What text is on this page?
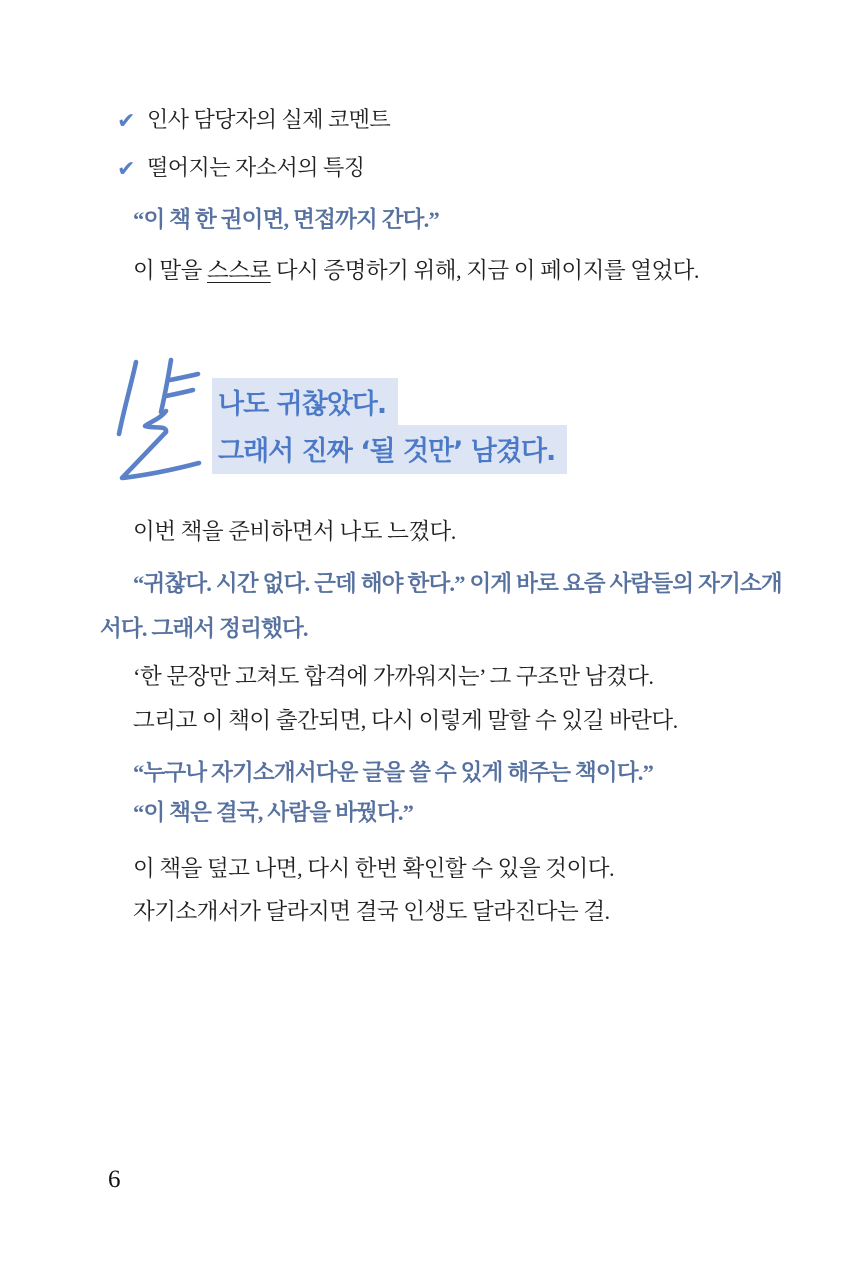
✔ 인사 담당자의 실제 코멘트
✔ 떨어지는 자소서의 특징
“이 책 한 권이면, 면접까지 간다.”
이 말을 스스로 다시 증명하기 위해, 지금 이 페이지를 열었다.
나도 귀찮았다.
그래서 진짜 ‘될 것만’ 남겼다.
이번 책을 준비하면서 나도 느꼈다.
“귀찮다. 시간 없다. 근데 해야 한다.” 이게 바로 요즘 사람들의 자기소개
서다. 그래서 정리했다.
‘한 문장만 고쳐도 합격에 가까워지는’ 그 구조만 남겼다.
그리고 이 책이 출간되면, 다시 이렇게 말할 수 있길 바란다.
“누구나 자기소개서다운 글을 쓸 수 있게 해주는 책이다.”
“이 책은 결국, 사람을 바꿨다.”
이 책을 덮고 나면, 다시 한번 확인할 수 있을 것이다.
자기소개서가 달라지면 결국 인생도 달라진다는 걸.
6
